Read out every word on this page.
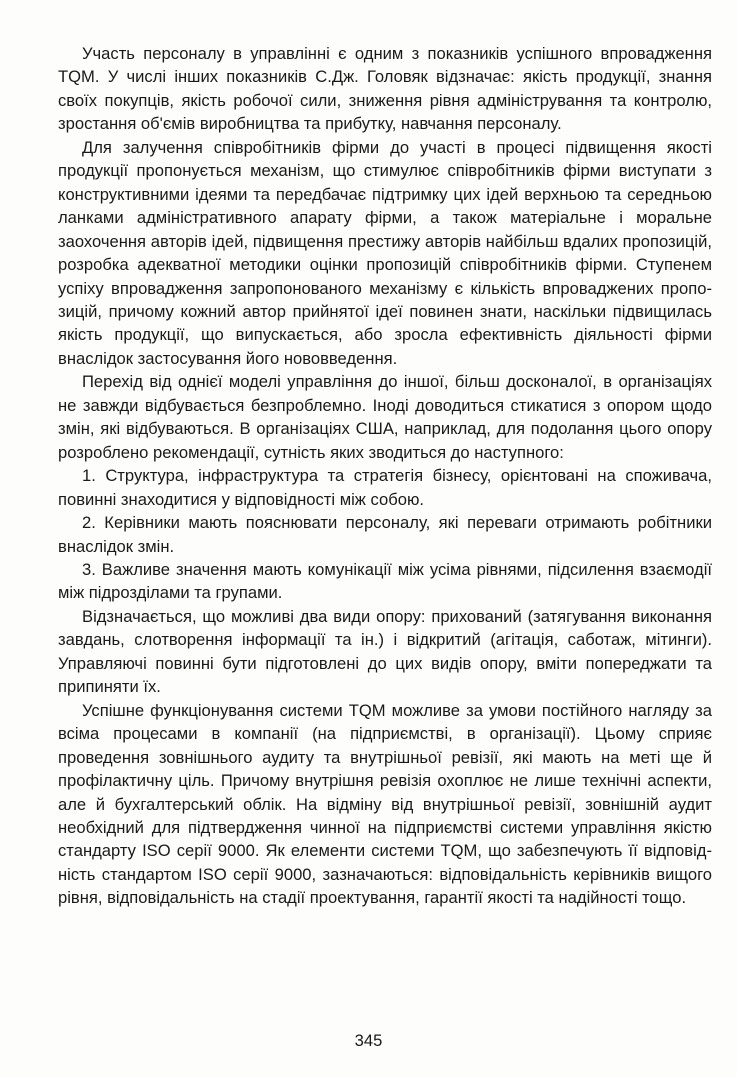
Участь персоналу в управлінні є одним з показників успішного впровадження TQM. У числі інших показників С.Дж. Головяк відзначає: якість продукції, знання своїх покупців, якість робочої сили, зниження рівня адміністрування та контролю, зростання об'ємів виробництва та прибутку, навчання персоналу.

Для залучення співробітників фірми до участі в процесі підвищення якості продукції пропонується механізм, що стимулює співробітників фірми виступати з конструктивними ідеями та передбачає підтримку цих ідей верхньою та середньою ланками адміністративного апарату фірми, а також матеріальне і моральне заохочення авторів ідей, підвищення престижу авторів найбільш вдалих пропозицій, розробка адекватної методики оцінки пропозицій співробітників фірми. Ступенем успіху впровадження запропонованого механізму є кількість впроваджених пропозицій, причому кожний автор прийнятої ідеї повинен знати, наскільки підвищилась якість продукції, що випускається, або зросла ефективність діяльності фірми внаслідок застосування його нововведення.

Перехід від однієї моделі управління до іншої, більш досконалої, в організаціях не завжди відбувається безпроблемно. Іноді доводиться стикатися з опором щодо змін, які відбуваються. В організаціях США, наприклад, для подолання цього опору розроблено рекомендації, сутність яких зводиться до наступного:

1. Структура, інфраструктура та стратегія бізнесу, орієнтовані на споживача, повинні знаходитися у відповідності між собою.

2. Керівники мають пояснювати персоналу, які переваги отримають робітники внаслідок змін.

3. Важливе значення мають комунікації між усіма рівнями, підсилення взаємодії між підрозділами та групами.

Відзначається, що можливі два види опору: прихований (затягування виконання завдань, слотворення інформації та ін.) і відкритий (агітація, саботаж, мітинги). Управляючі повинні бути підготовлені до цих видів опору, вміти попереджати та припиняти їх.

Успішне функціонування системи TQM можливе за умови постійного нагляду за всіма процесами в компанії (на підприємстві, в організації). Цьому сприяє проведення зовнішнього аудиту та внутрішньої ревізії, які мають на меті ще й профілактичну ціль. Причому внутрішня ревізія охоплює не лише технічні аспекти, але й бухгалтерський облік. На відміну від внутрішньої ревізії, зовнішній аудит необхідний для підтвердження чинної на підприємстві системи управління якістю стандарту ISO серії 9000. Як елементи системи TQM, що забезпечують її відповідність стандартом ISO серії 9000, зазначаються: відповідальність керівників вищого рівня, відповідальність на стадії проектування, гарантії якості та надійності тощо.

345
